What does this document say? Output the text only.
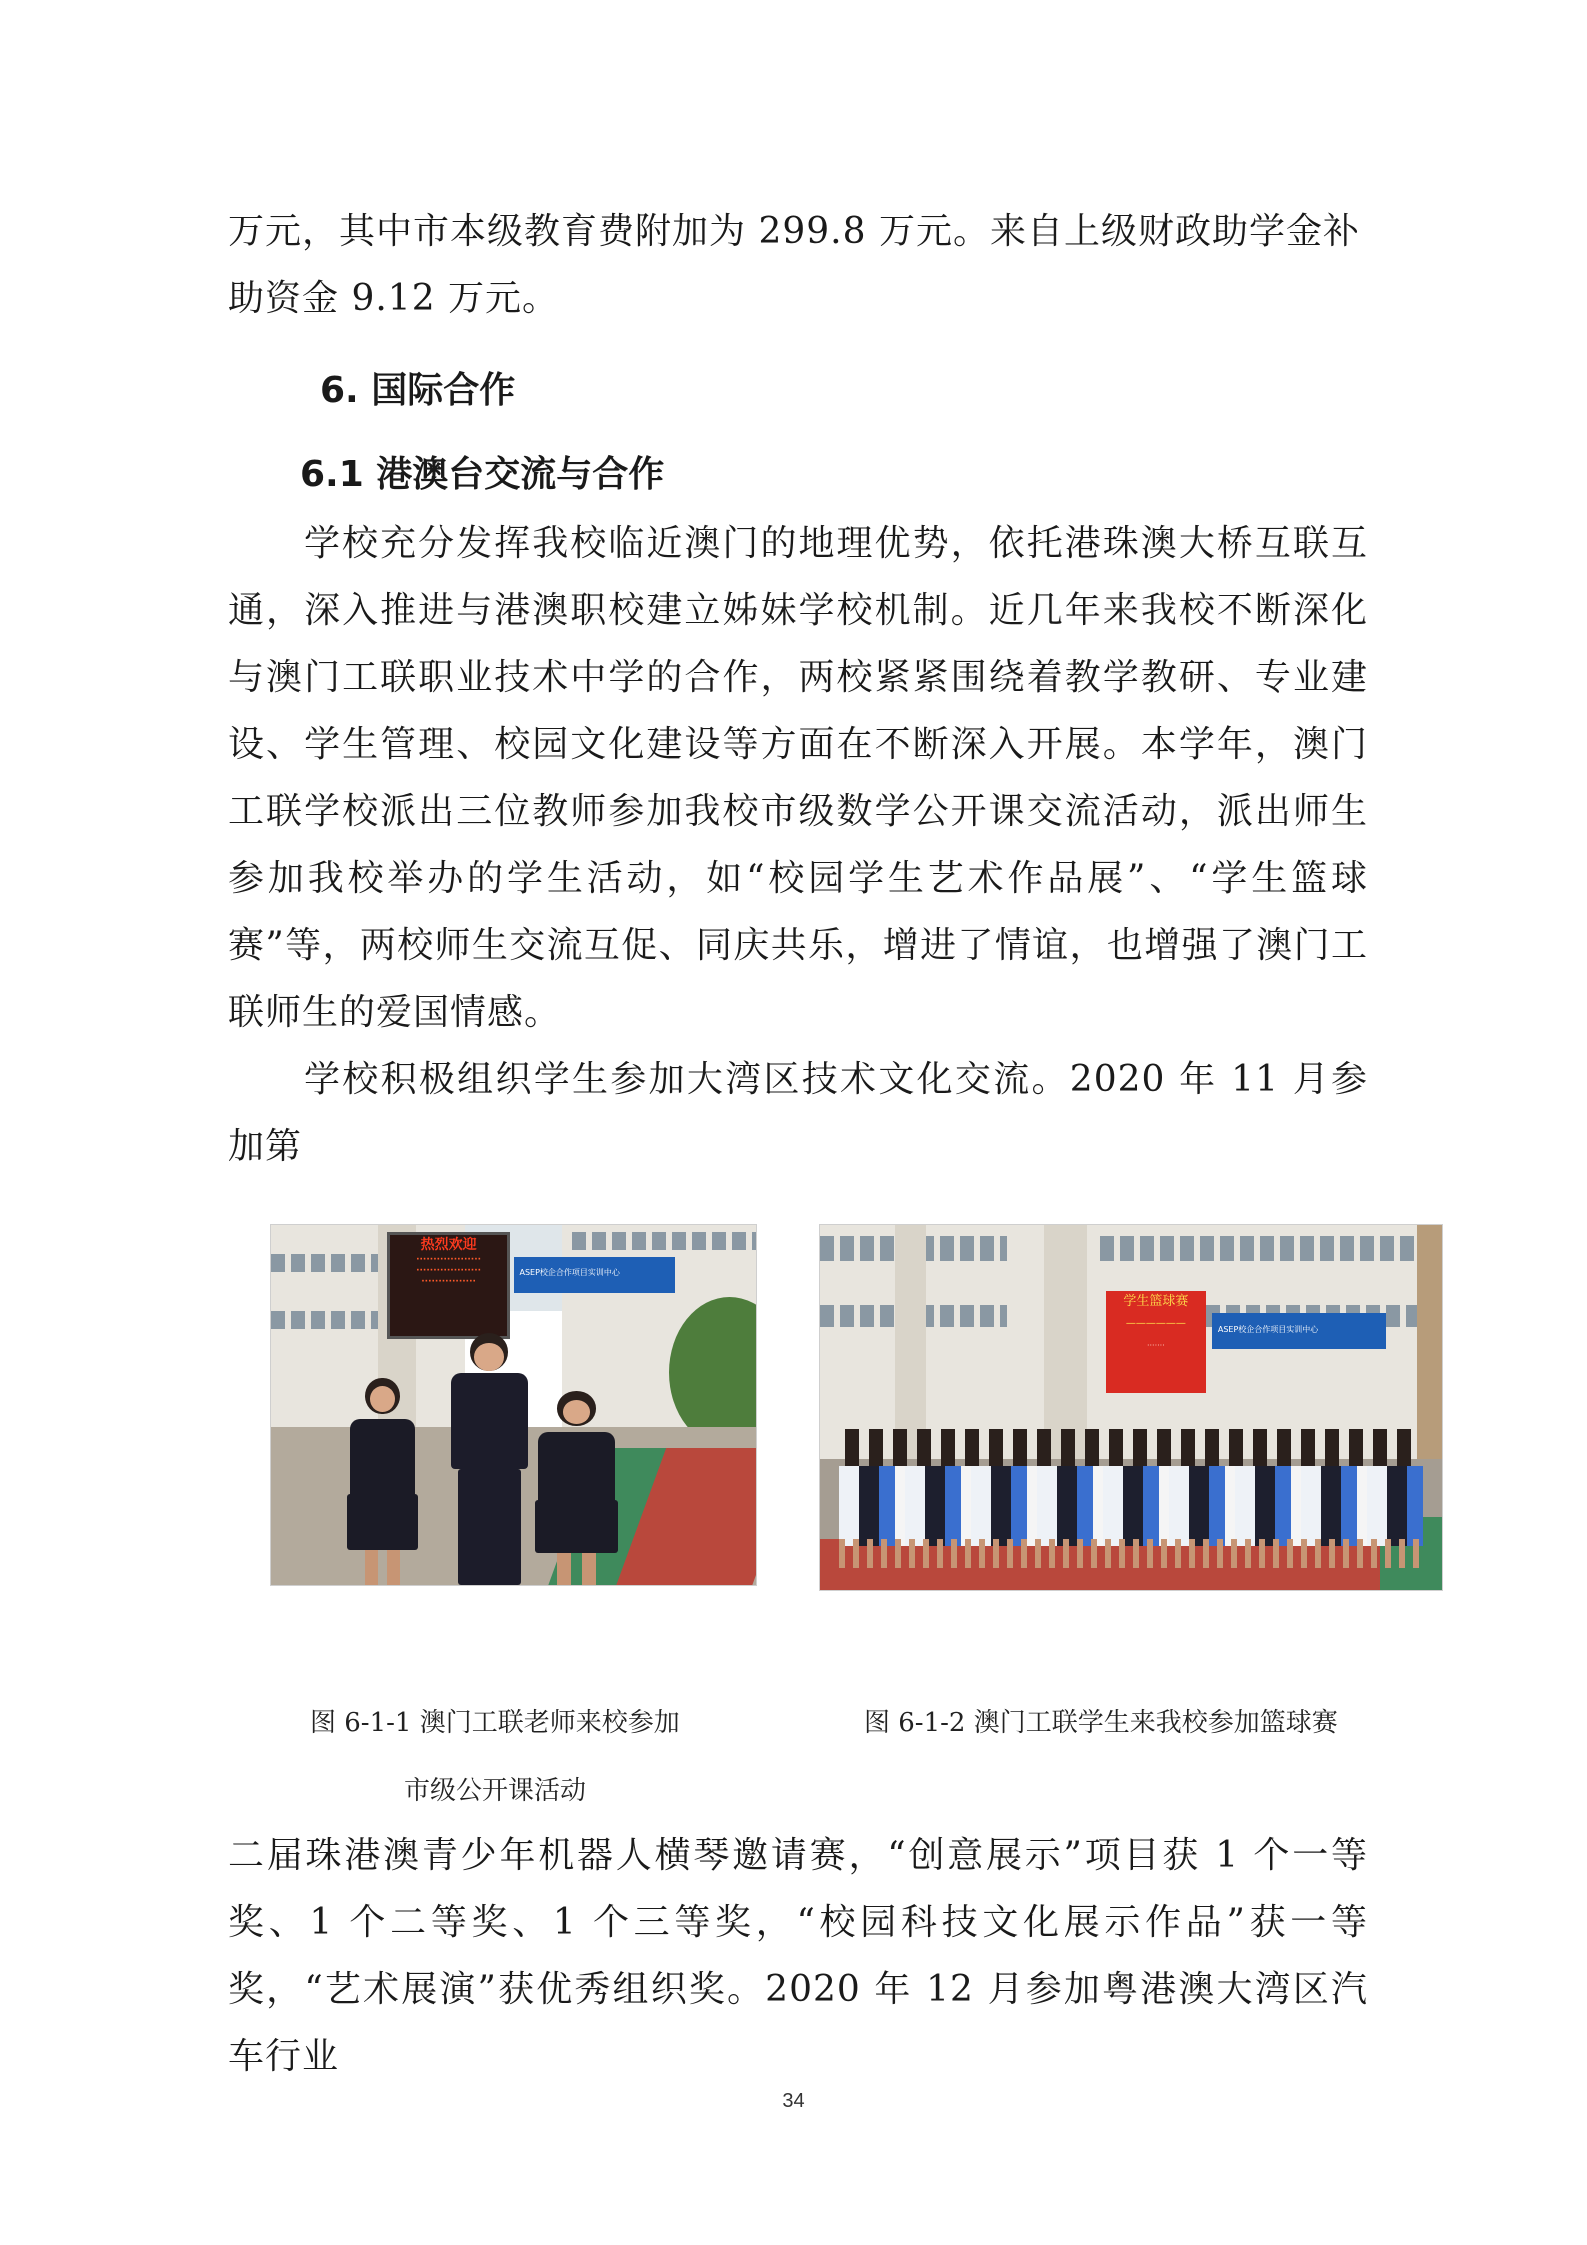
万元，其中市本级教育费附加为 299.8 万元。来自上级财政助学金补

助资金 9.12 万元。

6. 国际合作
6.1 港澳台交流与合作

学校充分发挥我校临近澳门的地理优势，依托港珠澳大桥互联互通，深入推进与港澳职校建立姊妹学校机制。近几年来我校不断深化与澳门工联职业技术中学的合作，两校紧紧围绕着教学教研、专业建设、学生管理、校园文化建设等方面在不断深入开展。本学年，澳门工联学校派出三位教师参加我校市级数学公开课交流活动，派出师生参加我校举办的学生活动，如“校园学生艺术作品展”、“学生篮球赛”等，两校师生交流互促、同庆共乐，增进了情谊，也增强了澳门工联师生的爱国情感。

学校积极组织学生参加大湾区技术文化交流。2020 年 11 月参加第

热烈欢迎
···················
···················
················
ASEP校企合作项目实训中心
学生篮球赛
——————
·······
ASEP校企合作项目实训中心

图 6-1-1 澳门工联老师来校参加

市级公开课活动

图 6-1-2 澳门工联学生来我校参加篮球赛

二届珠港澳青少年机器人横琴邀请赛，“创意展示”项目获 1 个一等奖、1 个二等奖、1 个三等奖，“校园科技文化展示作品”获一等奖，“艺术展演”获优秀组织奖。2020 年 12 月参加粤港澳大湾区汽车行业

34
